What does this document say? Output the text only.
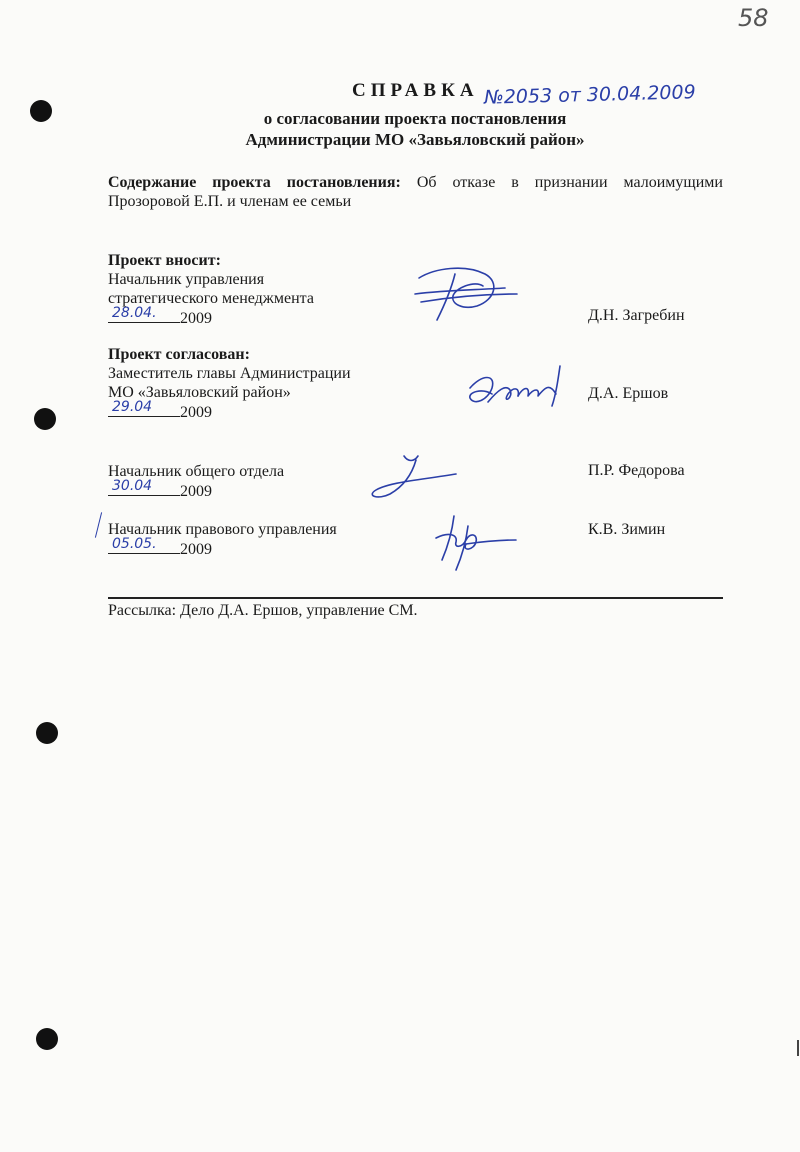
58
СПРАВКА №2053 от 30.04.2009
о согласовании проекта постановления
Администрации МО «Завьяловский район»
Содержание проекта постановления: Об отказе в признании малоимущими Прозоровой Е.П. и членам ее семьи
Проект вносит:
Начальник управления
стратегического менеджмента
28.04. 2009	Д.Н. Загребин
Проект согласован:
Заместитель главы Администрации
МО «Завьяловский район»
29.04 2009
Д.А. Ершов
Начальник общего отдела
30.04 2009
П.Р. Федорова
Начальник правового управления
05.05. 2009
К.В. Зимин
Рассылка: Дело Д.А. Ершов, управление СМ.
